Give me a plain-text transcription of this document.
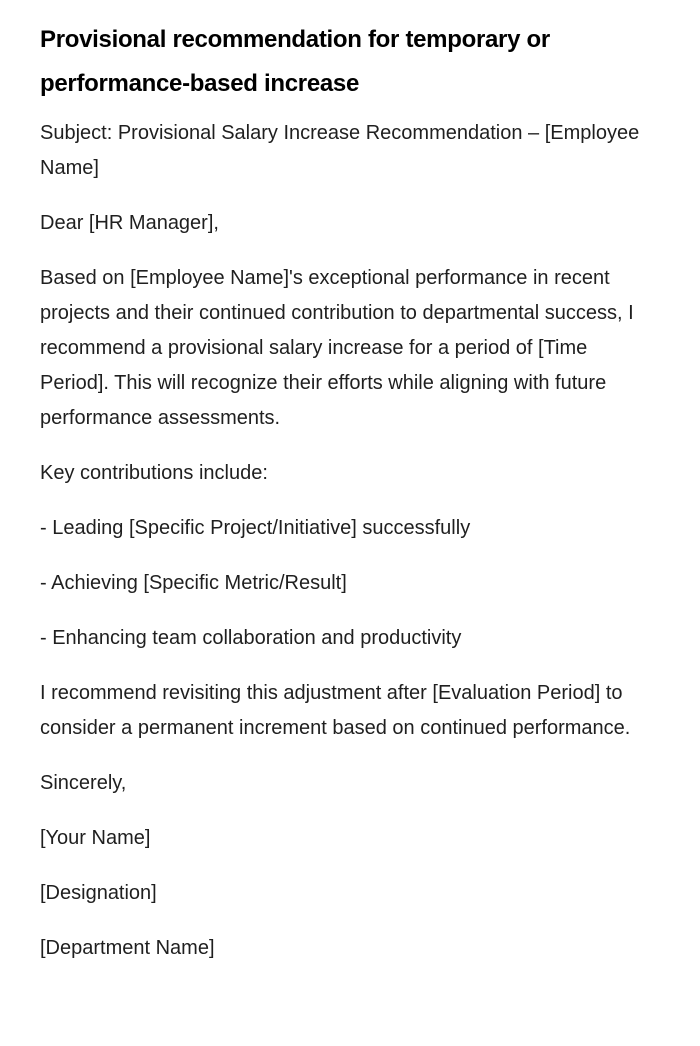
Provisional recommendation for temporary or performance-based increase

Subject: Provisional Salary Increase Recommendation – [Employee Name]

Dear [HR Manager],

Based on [Employee Name]'s exceptional performance in recent projects and their continued contribution to departmental success, I recommend a provisional salary increase for a period of [Time Period]. This will recognize their efforts while aligning with future performance assessments.

Key contributions include:

- Leading [Specific Project/Initiative] successfully

- Achieving [Specific Metric/Result]

- Enhancing team collaboration and productivity

I recommend revisiting this adjustment after [Evaluation Period] to consider a permanent increment based on continued performance.

Sincerely,

[Your Name]

[Designation]

[Department Name]
